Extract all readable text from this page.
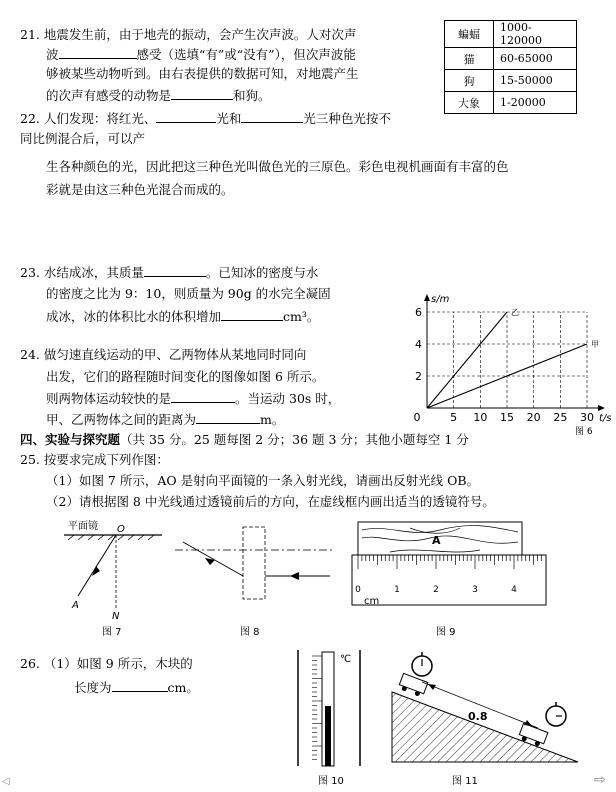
21. 地震发生前，由于地壳的振动，会产生次声波。人对次声
波	感受（选填“有”或“没有”），但次声波能
够被某些动物听到。由右表提供的数据可知，对地震产生
的次声有感受的动物是	和狗。
蝙蝠	1000-120000
猫	60-65000
狗	15-50000
大象	1-20000
22. 人们发现：将红光、	光和	光三种色光按不
同比例混合后，可以产
生各种颜色的光，因此把这三种色光叫做色光的三原色。彩色电视机画面有丰富的色
彩就是由这三种色光混合而成的。
23. 水结成冰，其质量	。已知冰的密度与水
的密度之比为 9：10，则质量为 90g 的水完全凝固
成冰，冰的体积比水的体积增加	cm³。
24. 做匀速直线运动的甲、乙两物体从某地同时同向
出发，它们的路程随时间变化的图像如图 6 所示。
则两物体运动较快的是	。当运动 30s 时，
甲、乙两物体之间的距离为	m。	0	5 10 15 20 25 30
2
4
6
s/m
t/s
乙
甲
图 6
四、实验与探究题（共 35 分。25 题每图 2 分；36 题 3 分；其他小题每空 1 分
25. 按要求完成下列作图：
（1）如图 7 所示，AO 是射向平面镜的一条入射光线，请画出反射光线 OB。
（2）请根据图 8 中光线通过透镜前后的方向，在虚线框内画出适当的透镜符号。
平面镜
A
O
N
图 7	图 8
A
0	1	2	3	4
cm
图 9
26. （1）如图 9 所示，木块的
长度为	cm。
℃
图 10
0.8
图 11
◁	⇨
